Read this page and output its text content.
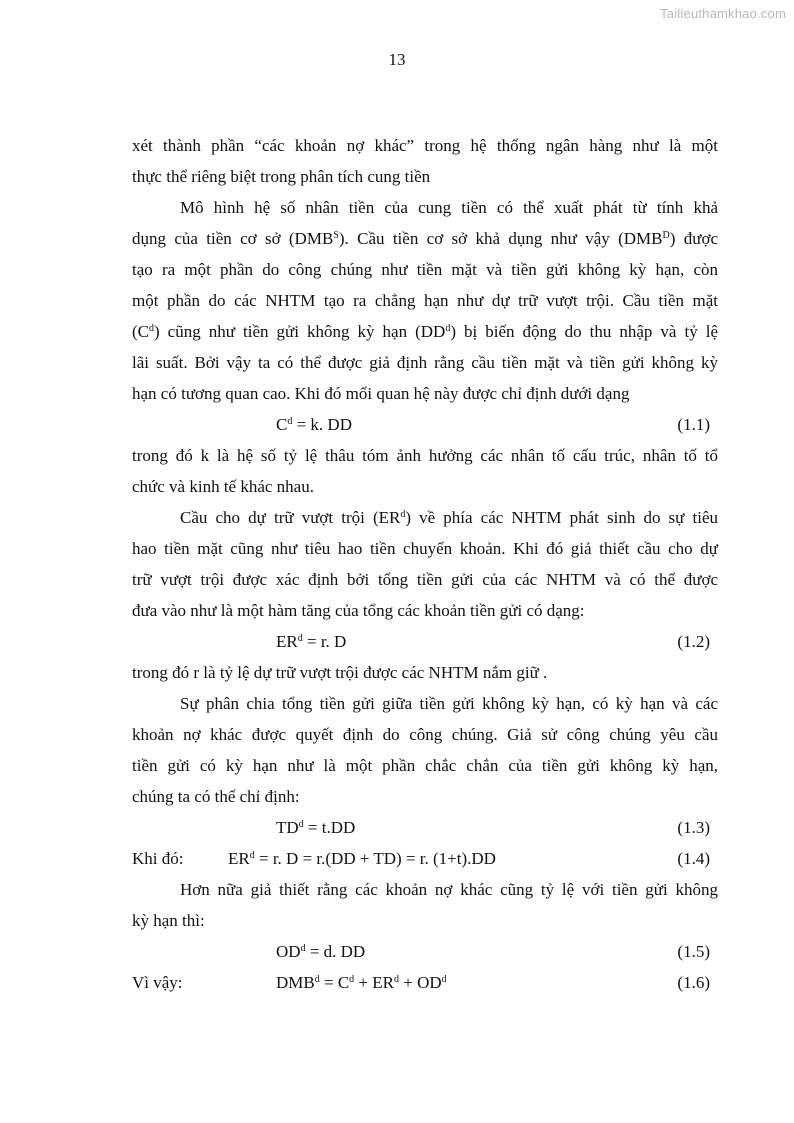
Tailieuthamkhao.com
13

xét thành phần “các khoản nợ khác” trong hệ thống ngân hàng như là một

thực thể riêng biệt trong phân tích cung tiền

Mô hình hệ số nhân tiền của cung tiền có thể xuất phát từ tính khả

dụng của tiền cơ sở $(DMB^S)$. Cầu tiền cơ sở khả dụng như vậy $(DMB^D)$ được

tạo ra một phần do công chúng như tiền mặt và tiền gửi không kỳ hạn, còn

một phần do các NHTM tạo ra chẳng hạn như dự trữ vượt trội. Cầu tiền mặt

$(C^d)$ cũng như tiền gửi không kỳ hạn $(DD^d)$ bị biến động do thu nhập và tỷ lệ

lãi suất. Bởi vậy ta có thể được giả định rằng cầu tiền mặt và tiền gửi không kỳ

hạn có tương quan cao. Khi đó mối quan hệ này được chỉ định dưới dạng

$C^d = k$. DD	(1.1)

trong đó k là hệ số tỷ lệ thâu tóm ảnh hưởng các nhân tố cấu trúc, nhân tố tổ

chức và kinh tế khác nhau.

Cầu cho dự trữ vượt trội $(ER^d)$ về phía các NHTM phát sinh do sự tiêu

hao tiền mặt cũng như tiêu hao tiền chuyển khoản. Khi đó giả thiết cầu cho dự

trữ vượt trội được xác định bởi tổng tiền gửi của các NHTM và có thể được

đưa vào như là một hàm tăng của tổng các khoản tiền gửi có dạng:

$ER^d = r$. D	(1.2)

trong đó r là tỷ lệ dự trữ vượt trội được các NHTM nắm giữ .

Sự phân chia tổng tiền gửi giữa tiền gửi không kỳ hạn, có kỳ hạn và các

khoản nợ khác được quyết định do công chúng. Giả sử công chúng yêu cầu

tiền gửi có kỳ hạn như là một phần chắc chắn của tiền gửi không kỳ hạn,

chúng ta có thể chỉ định:

$TD^d = t.DD$	(1.3)
Khi đó:	$ER^d = r$. D = r.(DD + TD) = r. (1+t).DD	(1.4)

Hơn nữa giả thiết rằng các khoản nợ khác cũng tỷ lệ với tiền gửi không

kỳ hạn thì:

$OD^d = d$. DD	(1.5)
Vì vậy:	$DMB^d = C^d + ER^d + OD^d$	(1.6)
